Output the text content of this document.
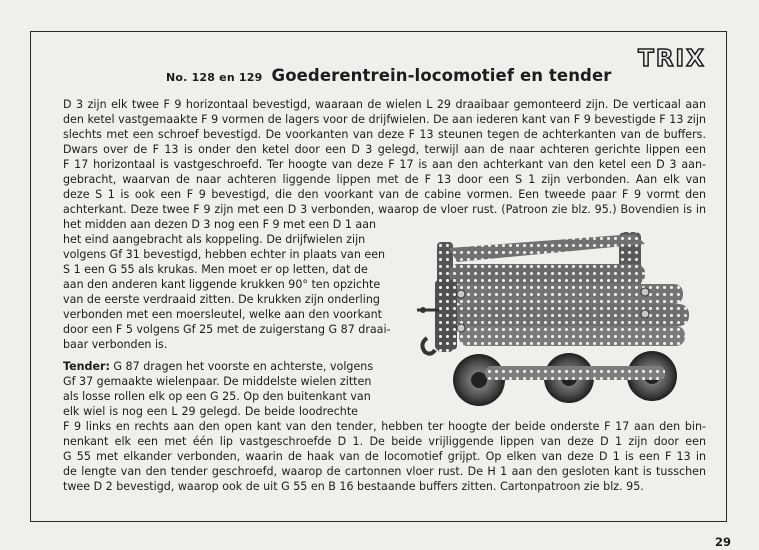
TRIX
No. 128 en 129 Goederentrein-locomotief en tender
D 3 zijn elk twee F 9 horizontaal bevestigd, waaraan de wielen L 29 draaibaar gemonteerd zijn. De verticaal aan
den ketel vastgemaakte F 9 vormen de lagers voor de drijfwielen. De aan iederen kant van F 9 bevestigde F 13 zijn
slechts met een schroef bevestigd. De voorkanten van deze F 13 steunen tegen de achterkanten van de buffers.
Dwars over de F 13 is onder den ketel door een D 3 gelegd, terwijl aan de naar achteren gerichte lippen een
F 17 horizontaal is vastgeschroefd. Ter hoogte van deze F 17 is aan den achterkant van den ketel een D 3 aan-
gebracht, waarvan de naar achteren liggende lippen met de F 13 door een S 1 zijn verbonden. Aan elk van
deze S 1 is ook een F 9 bevestigd, die den voorkant van de cabine vormen. Een tweede paar F 9 vormt den
achterkant. Deze twee F 9 zijn met een D 3 verbonden, waarop de vloer rust. (Patroon zie blz. 95.) Bovendien is in
het midden aan dezen D 3 nog een F 9 met een D 1 aan
het eind aangebracht als koppeling. De drijfwielen zijn
volgens Gf 31 bevestigd, hebben echter in plaats van een
S 1 een G 55 als krukas. Men moet er op letten, dat de
aan den anderen kant liggende krukken 90° ten opzichte
van de eerste verdraaid zitten. De krukken zijn onderling
verbonden met een moersleutel, welke aan den voorkant
door een F 5 volgens Gf 25 met de zuigerstang G 87 draai-
baar verbonden is.
Tender: G 87 dragen het voorste en achterste, volgens
Gf 37 gemaakte wielenpaar. De middelste wielen zitten
als losse rollen elk op een G 25. Op den buitenkant van
elk wiel is nog een L 29 gelegd. De beide loodrechte
F 9 links en rechts aan den open kant van den tender, hebben ter hoogte der beide onderste F 17 aan den bin-
nenkant elk een met één lip vastgeschroefde D 1. De beide vrijliggende lippen van deze D 1 zijn door een
G 55 met elkander verbonden, waarin de haak van de locomotief grijpt. Op elken van deze D 1 is een F 13 in
de lengte van den tender geschroefd, waarop de cartonnen vloer rust. De H 1 aan den gesloten kant is tusschen
twee D 2 bevestigd, waarop ook de uit G 55 en B 16 bestaande buffers zitten. Cartonpatroon zie blz. 95.
29
